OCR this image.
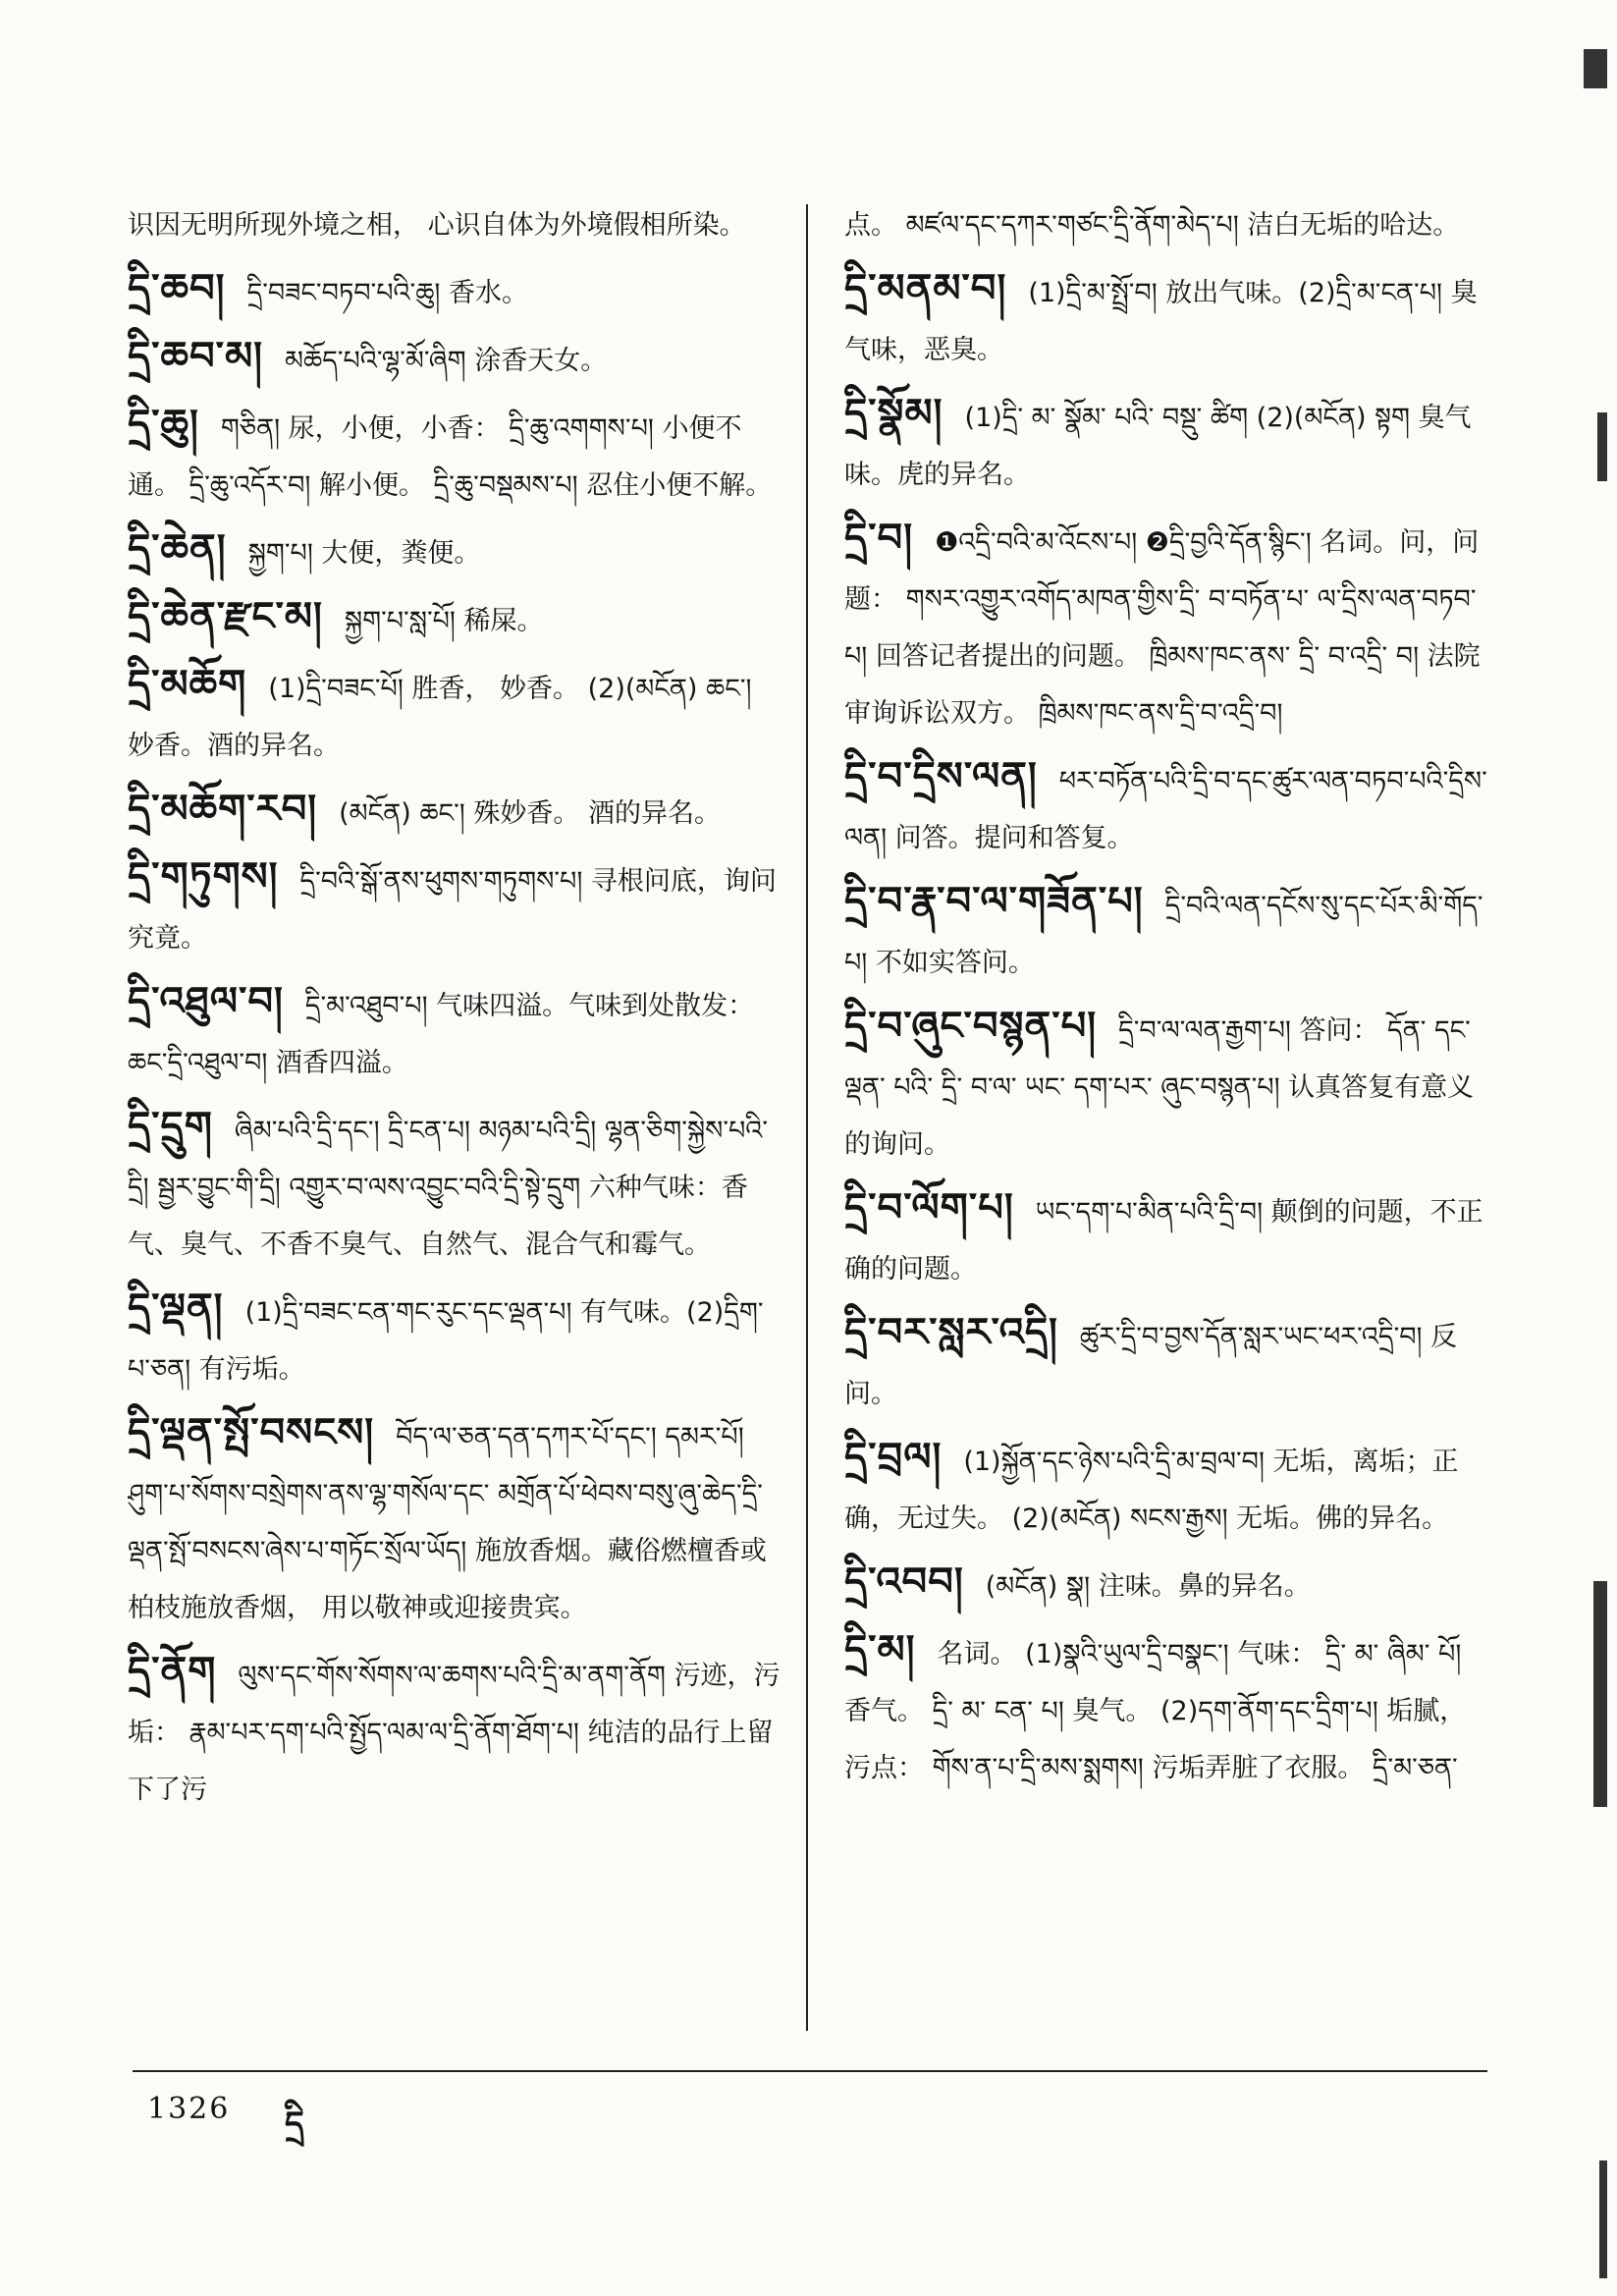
识因无明所现外境之相， 心识自体为外境假相所染。
དྲི་ཆབ། དྲི་བཟང་བཏབ་པའི་ཆུ། 香水。
དྲི་ཆབ་མ། མཆོད་པའི་ལྷ་མོ་ཞིག 涂香天女。
དྲི་ཆུ། གཅིན། 尿，小便，小香： དྲི་ཆུ་འགགས་པ། 小便不通。 དྲི་ཆུ་འདོར་བ། 解小便。 དྲི་ཆུ་བསྡམས་པ། 忍住小便不解。
དྲི་ཆེན། སྐྱག་པ། 大便，粪便。
དྲི་ཆེན་རྫང་མ། སྐྱག་པ་སླ་པོ། 稀屎。
དྲི་མཆོག (1)དྲི་བཟང་པོ། 胜香， 妙香。 (2)(མངོན) ཆང་། 妙香。酒的异名。
དྲི་མཆོག་རབ། (མངོན) ཆང་། 殊妙香。 酒的异名。
དྲི་གཏུགས། དྲི་བའི་སྒོ་ནས་ཕུགས་གཏུགས་པ། 寻根问底，询问究竟。
དྲི་འཐུལ་བ། དྲི་མ་འཐུབ་པ། 气味四溢。气味到处散发： ཆང་དྲི་འཐུལ་བ། 酒香四溢。
དྲི་དྲུག ཞིམ་པའི་དྲི་དང་། དྲི་ངན་པ། མཉམ་པའི་དྲི། ལྷན་ཅིག་སྐྱེས་པའི་དྲི། སྦྱར་བྱུང་གི་དྲི། འགྱུར་བ་ལས་འབྱུང་བའི་དྲི་སྟེ་དྲུག 六种气味：香气、臭气、不香不臭气、自然气、混合气和霉气。
དྲི་ལྡན། (1)དྲི་བཟང་ངན་གང་རུང་དང་ལྡན་པ། 有气味。(2)དྲིག་པ་ཅན། 有污垢。
དྲི་ལྡན་སྤོ་བསངས། བོད་ལ་ཅན་དན་དཀར་པོ་དང་། དམར་པོ། ཤུག་པ་སོགས་བསྲེགས་ནས་ལྷ་གསོལ་དང་ མགྲོན་པོ་ཕེབས་བསུ་ཞུ་ཆེད་དྲི་ལྡན་སྤོ་བསངས་ཞེས་པ་གཏོང་སྲོལ་ཡོད། 施放香烟。藏俗燃檀香或柏枝施放香烟， 用以敬神或迎接贵宾。
དྲི་ནོག ལུས་དང་གོས་སོགས་ལ་ཆགས་པའི་དྲི་མ་ནག་ནོག 污迹，污垢： རྣམ་པར་དག་པའི་སྤྱོད་ལམ་ལ་དྲི་ནོག་ཐོག་པ། 纯洁的品行上留下了污
点。 མཛལ་དང་དཀར་གཙང་དྲི་ནོག་མེད་པ། 洁白无垢的哈达。
དྲི་མནམ་བ། (1)དྲི་མ་སྤྲོ་བ། 放出气味。(2)དྲི་མ་ངན་པ། 臭气味，恶臭。
དྲི་སྣོམ། (1)དྲི་ མ་ སྣོམ་ པའི་ བསྡུ་ ཚིག (2)(མངོན) སྟག 臭气味。虎的异名。
དྲི་བ། ❶འདྲི་བའི་མ་འོངས་པ། ❷དྲི་བྱའི་དོན་སྙིང་། 名词。问，问题： གསར་འགྱུར་འགོད་མཁན་གྱིས་དྲི་ བ་བཏོན་པ་ ལ་དྲིས་ལན་བཏབ་པ། 回答记者提出的问题。 ཁྲིམས་ཁང་ནས་ དྲི་ བ་འདྲི་ བ། 法院审询诉讼双方。 ཁྲིམས་ཁང་ནས་དྲི་བ་འདྲི་བ།
དྲི་བ་དྲིས་ལན། ཕར་བཏོན་པའི་དྲི་བ་དང་ཚུར་ལན་བཏབ་པའི་དྲིས་ལན། 问答。提问和答复。
དྲི་བ་རྣ་བ་ལ་གཟོན་པ། དྲི་བའི་ལན་དངོས་སུ་དང་པོར་མི་གོད་པ། 不如实答问。
དྲི་བ་ཞུང་བསྙན་པ། དྲི་བ་ལ་ལན་རྒྱག་པ། 答问： དོན་ དང་ལྡན་ པའི་ དྲི་ བ་ལ་ ཡང་ དག་པར་ ཞུང་བསྙན་པ། 认真答复有意义的询问。
དྲི་བ་ལོག་པ། ཡང་དག་པ་མིན་པའི་དྲི་བ། 颠倒的问题，不正确的问题。
དྲི་བར་སླར་འདྲི། ཚུར་དྲི་བ་བྱས་དོན་སླར་ཡང་ཕར་འདྲི་བ། 反问。
དྲི་བྲལ། (1)སྐྱོན་དང་ཉེས་པའི་དྲི་མ་བྲལ་བ། 无垢，离垢；正确，无过失。 (2)(མངོན) སངས་རྒྱས། 无垢。佛的异名。
དྲི་འབབ། (མངོན) སྣ། 注味。鼻的异名。
དྲི་མ། 名词。 (1)སྣའི་ཡུལ་དྲི་བསྣང་། 气味： དྲི་ མ་ ཞིམ་ པོ། 香气。 དྲི་ མ་ ངན་ པ། 臭气。 (2)དག་ནོག་དང་དྲིག་པ། 垢腻，污点： གོས་ན་པ་དྲི་མས་སྨགས། 污垢弄脏了衣服。 དྲི་མ་ཅན་
1326 དྲི
